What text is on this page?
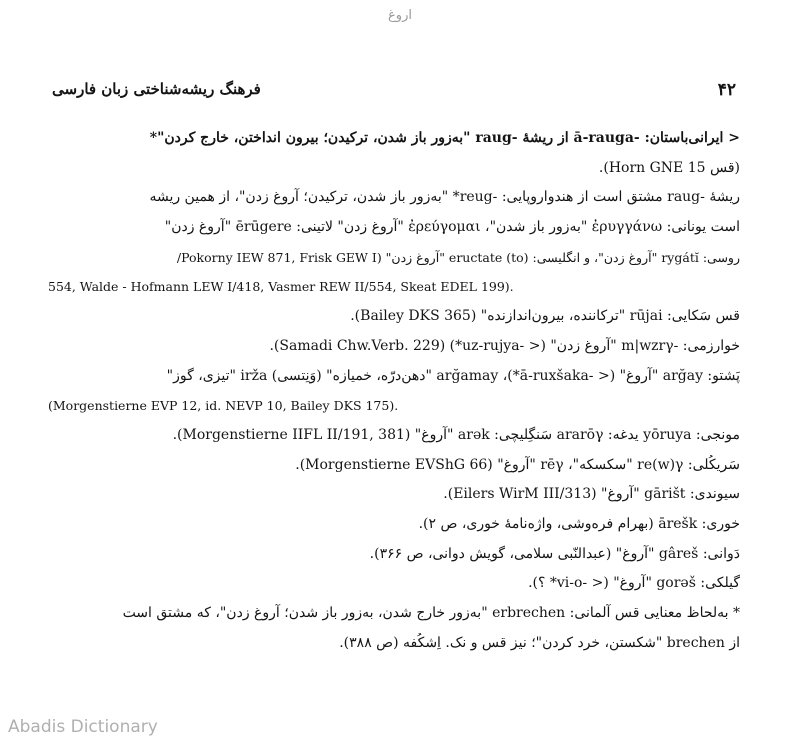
اروغ
۴۲
فرهنگ ریشه‌شناختی زبان فارسی
< ایرانی‌باستان: -ā-rauga از ریشهٔ -raug "به‌زور باز شدن، ترکیدن؛ بیرون انداختن، خارج کردن"*
(قس Horn GNE 15).
ریشهٔ -raug مشتق است از هندواروپایی: -reug* "به‌زور باز شدن، ترکیدن؛ آروغ زدن"، از همین ریشه
است یونانی: ἐρυγγάνω "به‌زور باز شدن"، ἐρεύγομαι "آروغ زدن" لاتینی: ērūgere "آروغ زدن"
روسی: rygátĭ "آروغ زدن"، و انگلیسی: (to) eructate "آروغ زدن" (Pokorny IEW 871, Frisk GEW I/
554, Walde - Hofmann LEW I/418, Vasmer REW II/554, Skeat EDEL 199).
قس سَکایی: rūjai "ترکاننده، بیرون‌اندازنده" (Bailey DKS 365).
خوارزمی: -m|wzrγ "آروغ زدن" (< -uz-rujya*) (Samadi Chw.Verb. 229).
پَشتو: arğay "آروغ" (< -ā-ruxšaka*)، arğamay "دهن‌درّه، خمیازه" (وَنِتسی) irža "تیزی، گوز"
(Morgenstierne EVP 12, id. NEVP 10, Bailey DKS 175).
مونجی: yōruya یدغه: ararōγ سَنگِلیچی: arək "آروغ" (Morgenstierne IIFL II/191, 381).
سَریکُلی: re(w)γ "سکسکه"، rēγ "آروغ" (Morgenstierne EVShG 66).
سیوندی: gārišt "آروغ" (Eilers WirM III/313).
خوری: ārešk (بهرام فره‌وشی، واژه‌نامهٔ خوری، ص ۲).
دَوانی: gâreš "آروغ" (عبدالنّبی سلامی، گویش دوانی، ص ۳۶۶).
گیلکی: gorəš "آروغ" (< -vi-o* ؟).
* به‌لحاظ معنایی قس آلمانی: erbrechen "به‌زور خارج شدن، به‌زور باز شدن؛ آروغ زدن"، که مشتق است
از brechen "شکستن، خرد کردن"؛ نیز قس و نک. اِشکُفه (ص ۳۸۸).
Abadis Dictionary
